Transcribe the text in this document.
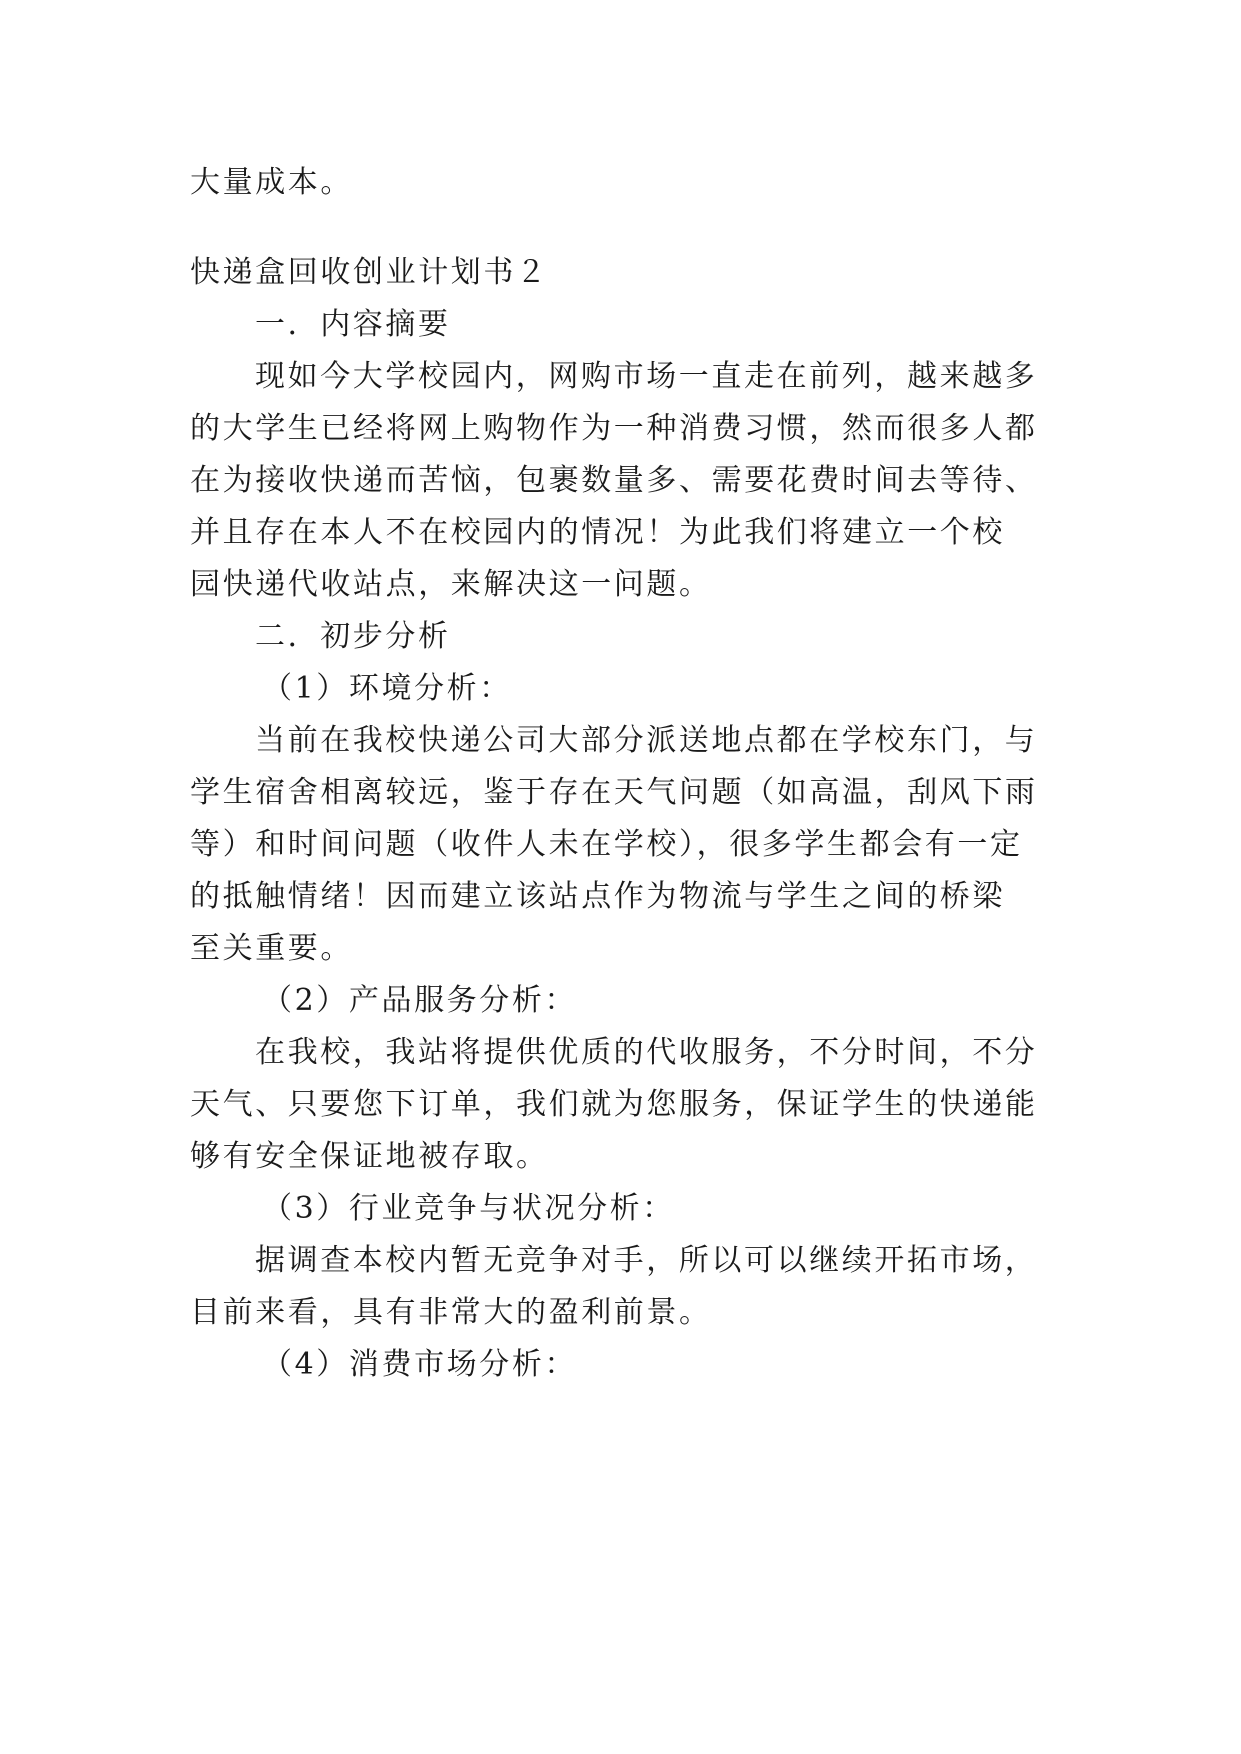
大量成本。
快递盒回收创业计划书２
一．内容摘要
现如今大学校园内，网购市场一直走在前列，越来越多
的大学生已经将网上购物作为一种消费习惯，然而很多人都
在为接收快递而苦恼，包裹数量多、需要花费时间去等待、
并且存在本人不在校园内的情况！为此我们将建立一个校
园快递代收站点，来解决这一问题。
二．初步分析
（1）环境分析：
当前在我校快递公司大部分派送地点都在学校东门，与
学生宿舍相离较远，鉴于存在天气问题（如高温，刮风下雨
等）和时间问题（收件人未在学校），很多学生都会有一定
的抵触情绪！因而建立该站点作为物流与学生之间的桥梁
至关重要。
（2）产品服务分析：
在我校，我站将提供优质的代收服务，不分时间，不分
天气、只要您下订单，我们就为您服务，保证学生的快递能
够有安全保证地被存取。
（3）行业竞争与状况分析：
据调查本校内暂无竞争对手，所以可以继续开拓市场，
目前来看，具有非常大的盈利前景。
（4）消费市场分析：
